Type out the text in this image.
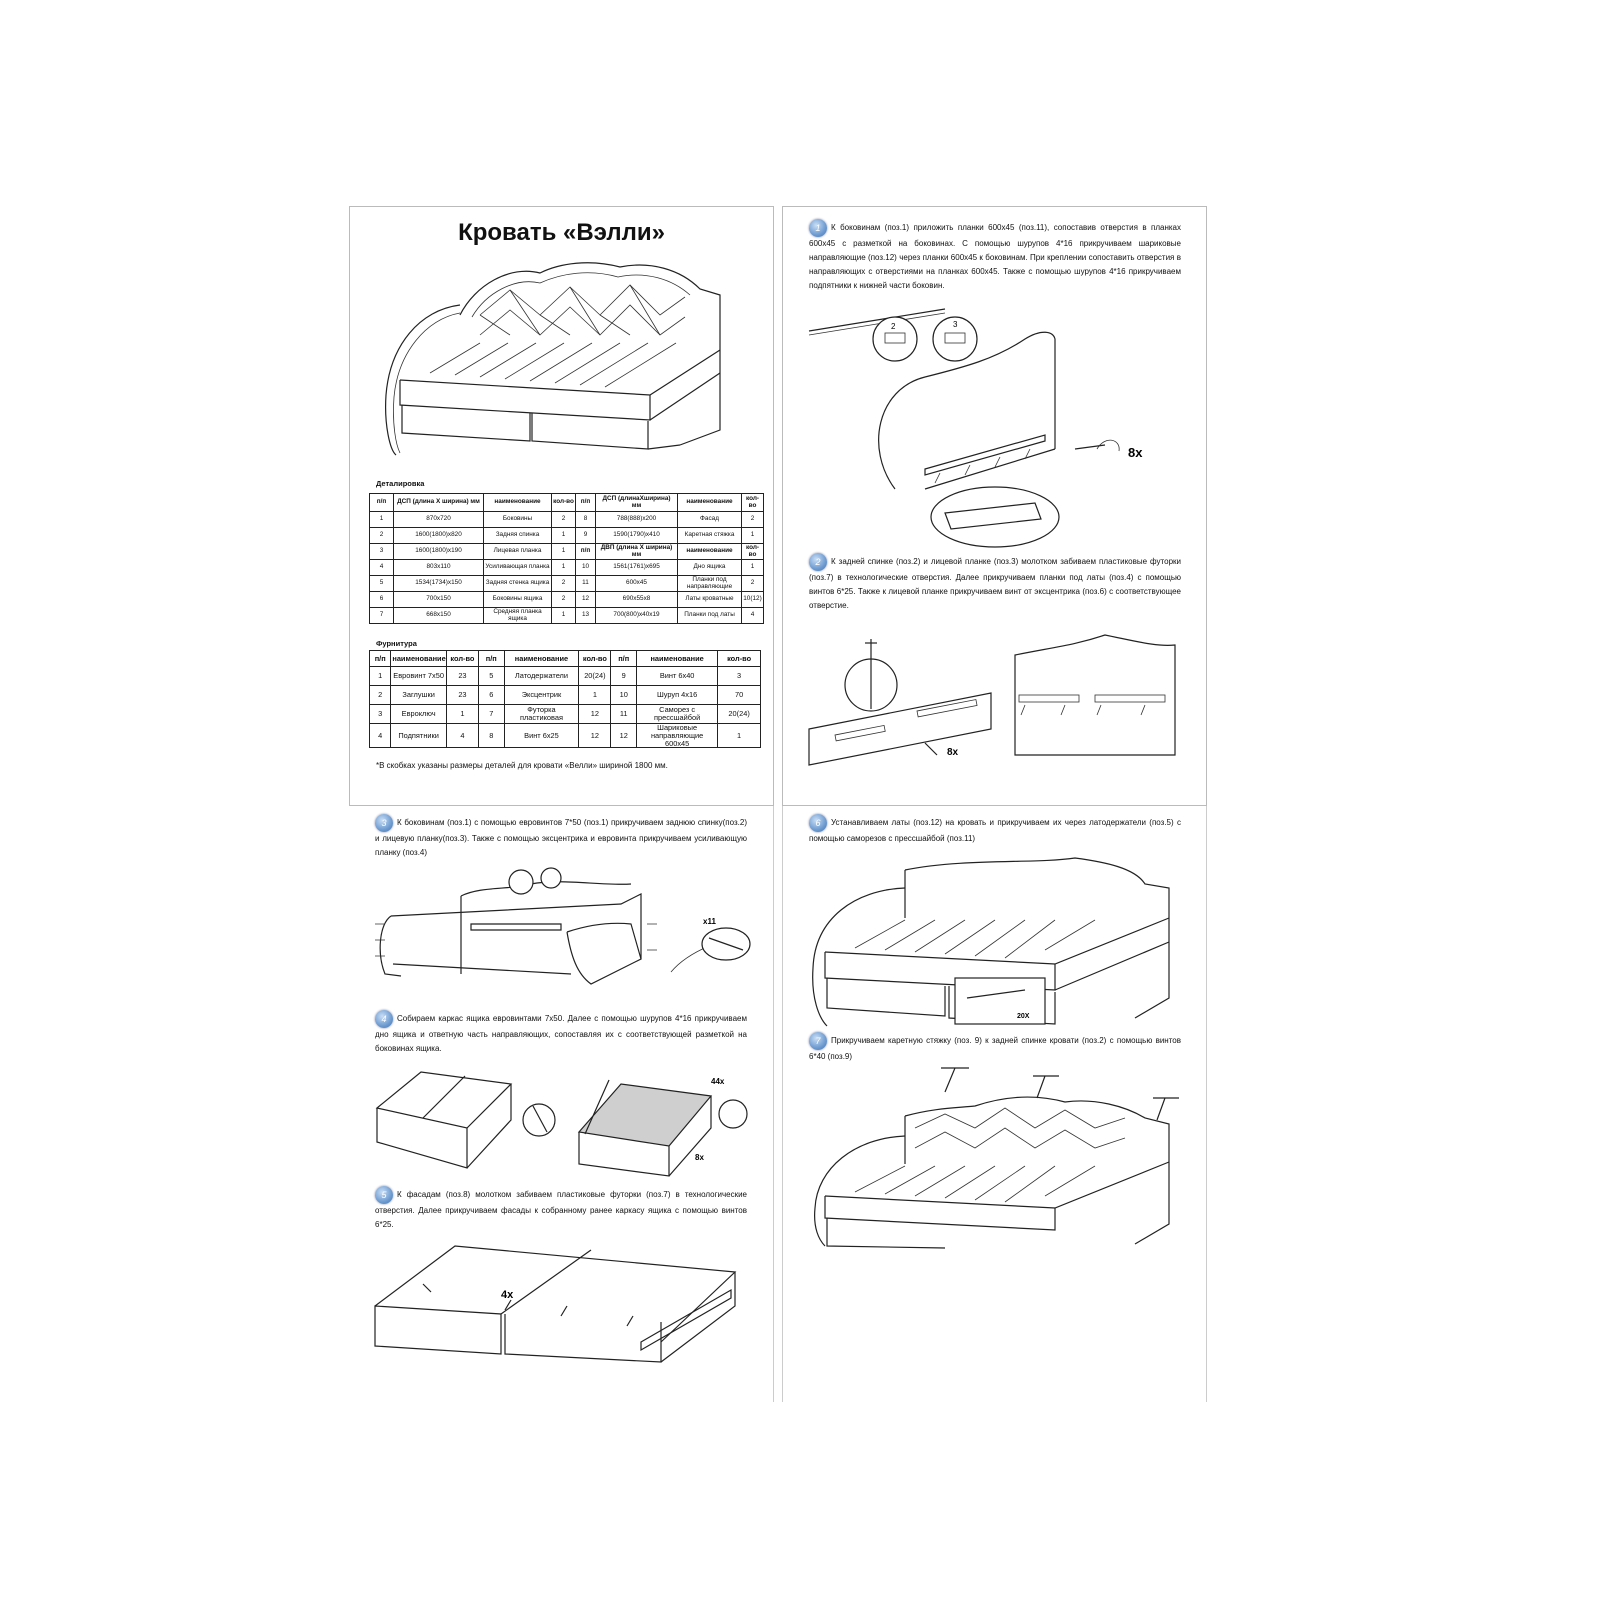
Кровать «Вэлли»
Деталировка
п/п	ДСП (длина X ширина) мм	наименование	кол-во	п/п	ДСП (длинаXширина) мм	наименование	кол-во
1	870x720	Боковины	2	8	788(888)x200	Фасад	2
2	1600(1800)x820	Задняя спинка	1	9	1590(1790)x410	Каретная стяжка	1
3	1600(1800)x190	Лицевая планка	1	п/п	ДВП (длина X ширина) мм	наименование	кол-во
4	803x110	Усиливающая планка	1	10	1561(1761)x695	Дно ящика	1
5	1534(1734)x150	Задняя стенка ящика	2	11	600x45	Планки под направляющие	2
6	700x150	Боковины ящика	2	12	690x55x8	Латы кроватные	10(12)
7	668x150	Средняя планка ящика	1	13	700(800)x40x19	Планки под латы	4
Фурнитура
п/п	наименование	кол-во	п/п	наименование	кол-во	п/п	наименование	кол-во
1	Евровинт 7x50	23	5	Латодержатели	20(24)	9	Винт 6x40	3
2	Заглушки	23	6	Эксцентрик	1	10	Шуруп 4x16	70
3	Евроключ	1	7	Футорка пластиковая	12	11	Саморез с прессшайбой	20(24)
4	Подпятники	4	8	Винт 6x25	12	12	Шариковые направляющие 600x45	1
*В скобках указаны размеры деталей для кровати «Велли» шириной 1800 мм.
1 К боковинам (поз.1) приложить планки 600х45 (поз.11), сопоставив отверстия в планках 600х45 с разметкой на боковинах. С помощью шурупов 4*16 прикручиваем шариковые направляющие (поз.12) через планки 600х45 к боковинам. При креплении сопоставить отверстия в направляющих с отверстиями на планках 600х45. Также с помощью шурупов 4*16 прикручиваем подпятники к нижней части боковин.
2	3
8x
2 К задней спинке (поз.2) и лицевой планке (поз.3) молотком забиваем пластиковые футорки (поз.7) в технологические отверстия. Далее прикручиваем планки под латы (поз.4) с помощью винтов 6*25. Также к лицевой планке прикручиваем винт от эксцентрика (поз.6) с соответствующее отверстие.
8x
3 К боковинам (поз.1) с помощью евровинтов 7*50 (поз.1) прикручиваем заднюю спинку(поз.2) и лицевую планку(поз.3). Также с помощью эксцентрика и евровинта прикручиваем усиливающую планку (поз.4)
x11
4 Собираем каркас ящика евровинтами 7х50. Далее с помощью шурупов 4*16 прикручиваем дно ящика и ответную часть направляющих, сопоставляя их с соответствующей разметкой на боковинах ящика.
44x
8x
5 К фасадам (поз.8) молотком забиваем пластиковые футорки (поз.7) в технологические отверстия. Далее прикручиваем фасады к собранному ранее каркасу ящика с помощью винтов 6*25.
4x
6 Устанавливаем латы (поз.12) на кровать и прикручиваем их через латодержатели (поз.5) с помощью саморезов с прессшайбой (поз.11)
20X
7 Прикручиваем каретную стяжку (поз. 9) к задней спинке кровати (поз.2) с помощью винтов 6*40 (поз.9)
